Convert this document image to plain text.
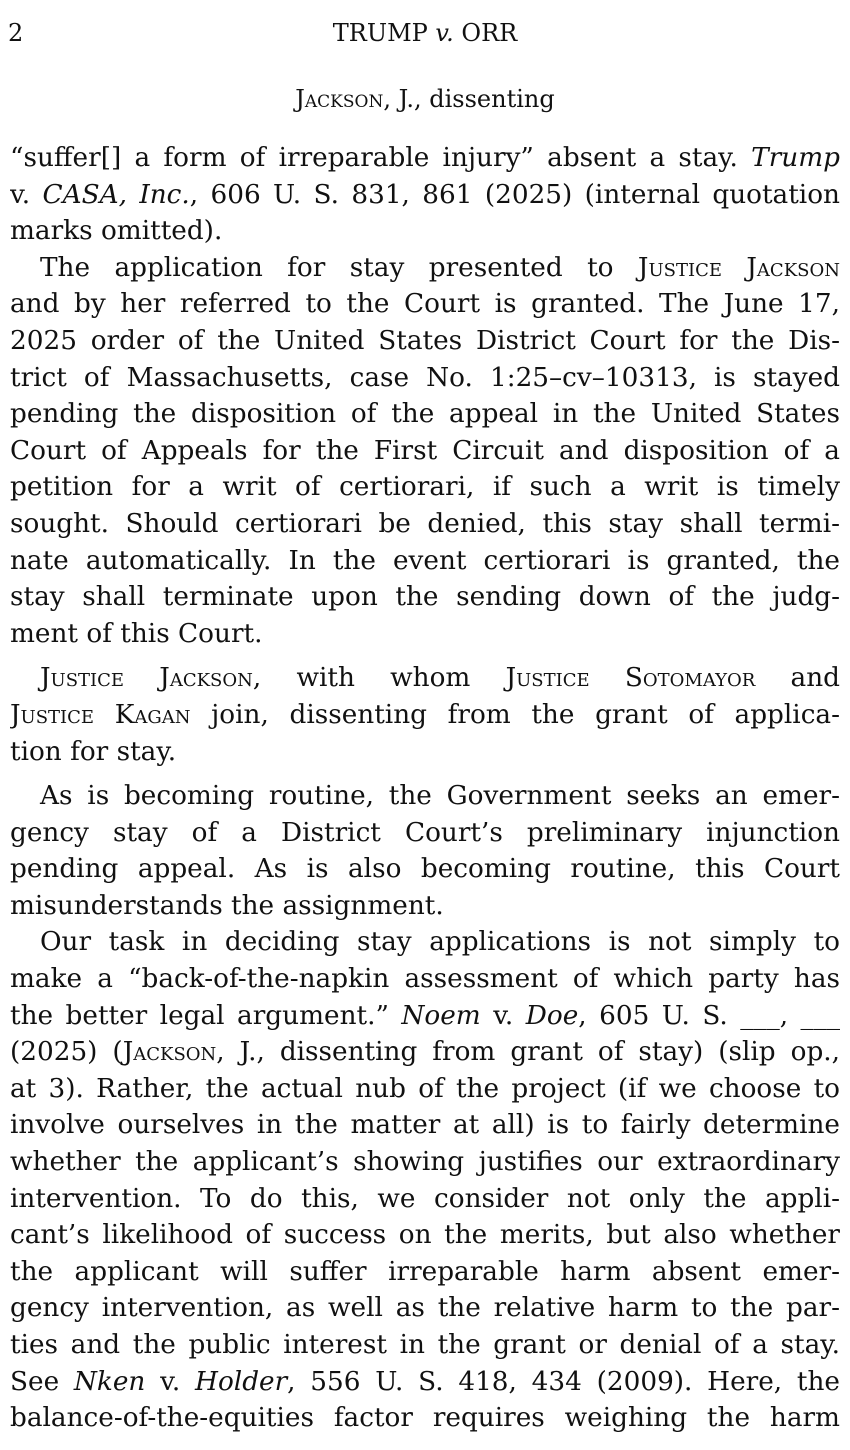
2	TRUMP v. ORR
Jackson, J., dissenting
“suffer[] a form of irreparable injury” absent a stay. Trump
v. CASA, Inc., 606 U. S. 831, 861 (2025) (internal quotation
marks omitted).
The application for stay presented to Justice Jackson
and by her referred to the Court is granted. The June 17,
2025 order of the United States District Court for the Dis-
trict of Massachusetts, case No. 1:25–cv–10313, is stayed
pending the disposition of the appeal in the United States
Court of Appeals for the First Circuit and disposition of a
petition for a writ of certiorari, if such a writ is timely
sought. Should certiorari be denied, this stay shall termi-
nate automatically. In the event certiorari is granted, the
stay shall terminate upon the sending down of the judg-
ment of this Court.
Justice Jackson, with whom Justice Sotomayor and
Justice Kagan join, dissenting from the grant of applica-
tion for stay.
As is becoming routine, the Government seeks an emer-
gency stay of a District Court’s preliminary injunction
pending appeal. As is also becoming routine, this Court
misunderstands the assignment.
Our task in deciding stay applications is not simply to
make a “back-of-the-napkin assessment of which party has
the better legal argument.” Noem v. Doe, 605 U. S. ___, ___
(2025) (Jackson, J., dissenting from grant of stay) (slip op.,
at 3). Rather, the actual nub of the project (if we choose to
involve ourselves in the matter at all) is to fairly determine
whether the applicant’s showing justifies our extraordinary
intervention. To do this, we consider not only the appli-
cant’s likelihood of success on the merits, but also whether
the applicant will suffer irreparable harm absent emer-
gency intervention, as well as the relative harm to the par-
ties and the public interest in the grant or denial of a stay.
See Nken v. Holder, 556 U. S. 418, 434 (2009). Here, the
balance-of-the-equities factor requires weighing the harm
